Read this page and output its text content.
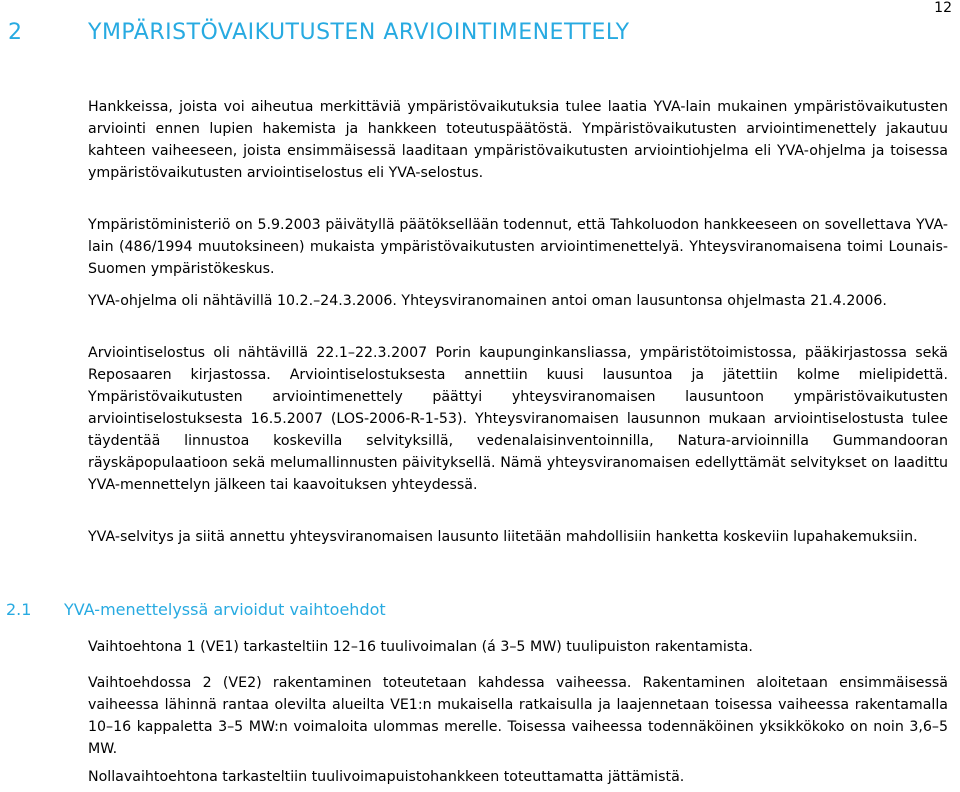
12
2	YMPÄRISTÖVAIKUTUSTEN ARVIOINTIMENETTELY

Hankkeissa, joista voi aiheutua merkittäviä ympäristövaikutuksia tulee laatia YVA-lain mukainen ympäristövaikutusten arviointi ennen lupien hakemista ja hankkeen toteutuspäätöstä. Ympäristövaikutusten arviointimenettely jakautuu kahteen vaiheeseen, joista ensimmäisessä laaditaan ympäristövaikutusten arviointiohjelma eli YVA-ohjelma ja toisessa ympäristövaikutusten arviointiselostus eli YVA-selostus.

Ympäristöministeriö on 5.9.2003 päivätyllä päätöksellään todennut, että Tahkoluodon hankkeeseen on sovellettava YVA-lain (486/1994 muutoksineen) mukaista ympäristövaikutusten arviointimenettelyä. Yhteysviranomaisena toimi Lounais-Suomen ympäristökeskus.

YVA-ohjelma oli nähtävillä 10.2.–24.3.2006. Yhteysviranomainen antoi oman lausuntonsa ohjelmasta 21.4.2006.

Arviointiselostus oli nähtävillä 22.1–22.3.2007 Porin kaupunginkansliassa, ympäristötoimistossa, pääkirjastossa sekä Reposaaren kirjastossa. Arviointiselostuksesta annettiin kuusi lausuntoa ja jätettiin kolme mielipidettä. Ympäristövaikutusten arviointimenettely päättyi yhteysviranomaisen lausuntoon ympäristövaikutusten arviointiselostuksesta 16.5.2007 (LOS-2006-R-1-53). Yhteysviranomaisen lausunnon mukaan arviointiselostusta tulee täydentää linnustoa koskevilla selvityksillä, vedenalaisinventoinnilla, Natura-arvioinnilla Gummandooran räyskäpopulaatioon sekä melumallinnusten päivityksellä. Nämä yhteysviranomaisen edellyttämät selvitykset on laadittu YVA-mennettelyn jälkeen tai kaavoituksen yhteydessä.

YVA-selvitys ja siitä annettu yhteysviranomaisen lausunto liitetään mahdollisiin hanketta koskeviin lupahakemuksiin.

2.1 YVA-menettelyssä arvioidut vaihtoehdot

Vaihtoehtona 1 (VE1) tarkasteltiin 12–16 tuulivoimalan (á 3–5 MW) tuulipuiston rakentamista.

Vaihtoehdossa 2 (VE2) rakentaminen toteutetaan kahdessa vaiheessa. Rakentaminen aloitetaan ensimmäisessä vaiheessa lähinnä rantaa olevilta alueilta VE1:n mukaisella ratkaisulla ja laajennetaan toisessa vaiheessa rakentamalla 10–16 kappaletta 3–5 MW:n voimaloita ulommas merelle. Toisessa vaiheessa todennäköinen yksikkökoko on noin 3,6–5 MW.

Nollavaihtoehtona tarkasteltiin tuulivoimapuistohankkeen toteuttamatta jättämistä.
